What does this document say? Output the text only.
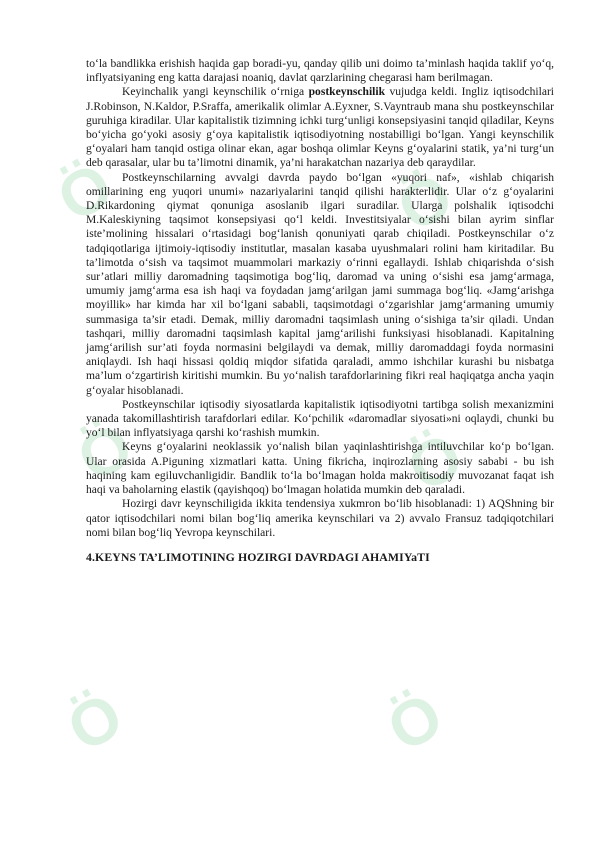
Ö	Ö
Ö	Ö
Ö	Ö

to‘la bandlikka erishish haqida gap boradi-yu, qanday qilib uni doimo ta’minlash haqida taklif yo‘q, inflyatsiyaning eng katta darajasi noaniq, davlat qarzlarining chegarasi ham berilmagan.

Keyinchalik yangi keynschilik o‘rniga postkeynschilik vujudga keldi. Ingliz iqtisodchilari J.Robinson, N.Kaldor, P.Sraffa, amerikalik olimlar A.Eyxner, S.Vayntraub mana shu postkeynschilar guruhiga kiradilar. Ular kapitalistik tizimning ichki turg‘unligi konsepsiyasini tanqid qiladilar, Keyns bo‘yicha go‘yoki asosiy g‘oya kapitalistik iqtisodiyotning nostabilligi bo‘lgan. Yangi keynschilik g‘oyalari ham tanqid ostiga olinar ekan, agar boshqa olimlar Keyns g‘oyalarini statik, ya’ni turg‘un deb qarasalar, ular bu ta’limotni dinamik, ya’ni harakatchan nazariya deb qaraydilar.

Postkeynschilarning avvalgi davrda paydo bo‘lgan «yuqori naf», «ishlab chiqarish omillarining eng yuqori unumi» nazariyalarini tanqid qilishi harakterlidir. Ular o‘z g‘oyalarini D.Rikardoning qiymat qonuniga asoslanib ilgari suradilar. Ularga polshalik iqtisodchi M.Kaleskiyning taqsimot konsepsiyasi qo‘l keldi. Investitsiyalar o‘sishi bilan ayrim sinflar iste’molining hissalari o‘rtasidagi bog‘lanish qonuniyati qarab chiqiladi. Postkeynschilar o‘z tadqiqotlariga ijtimoiy-iqtisodiy institutlar, masalan kasaba uyushmalari rolini ham kiritadilar. Bu ta’limotda o‘sish va taqsimot muammolari markaziy o‘rinni egallaydi. Ishlab chiqarishda o‘sish sur’atlari milliy daromadning taqsimotiga bog‘liq, daromad va uning o‘sishi esa jamg‘armaga, umumiy jamg‘arma esa ish haqi va foydadan jamg‘arilgan jami summaga bog‘liq. «Jamg‘arishga moyillik» har kimda har xil bo‘lgani sababli, taqsimotdagi o‘zgarishlar jamg‘armaning umumiy summasiga ta’sir etadi. Demak, milliy daromadni taqsimlash uning o‘sishiga ta’sir qiladi. Undan tashqari, milliy daromadni taqsimlash kapital jamg‘arilishi funksiyasi hisoblanadi. Kapitalning jamg‘arilish sur’ati foyda normasini belgilaydi va demak, milliy daromaddagi foyda normasini aniqlaydi. Ish haqi hissasi qoldiq miqdor sifatida qaraladi, ammo ishchilar kurashi bu nisbatga ma’lum o‘zgartirish kiritishi mumkin. Bu yo‘nalish tarafdorlarining fikri real haqiqatga ancha yaqin g‘oyalar hisoblanadi.

Postkeynschilar iqtisodiy siyosatlarda kapitalistik iqtisodiyotni tartibga solish mexanizmini yanada takomillashtirish tarafdorlari edilar. Ko‘pchilik «daromadlar siyosati»ni oqlaydi, chunki bu yo‘l bilan inflyatsiyaga qarshi ko‘rashish mumkin.

Keyns g‘oyalarini neoklassik yo‘nalish bilan yaqinlashtirishga intiluvchilar ko‘p bo‘lgan. Ular orasida A.Piguning xizmatlari katta. Uning fikricha, inqirozlarning asosiy sababi - bu ish haqining kam egiluvchanligidir. Bandlik to‘la bo‘lmagan holda makroitisodiy muvozanat faqat ish haqi va baholarning elastik (qayishqoq) bo‘lmagan holatida mumkin deb qaraladi.

Hozirgi davr keynschiligida ikkita tendensiya xukmron bo‘lib hisoblanadi: 1) AQShning bir qator iqtisodchilari nomi bilan bog‘liq amerika keynschilari va 2) avvalo Fransuz tadqiqotchilari nomi bilan bog‘liq Yevropa keynschilari.

4.KEYNS TA’LIMOTINING HOZIRGI DAVRDAGI AHAMIYaTI
